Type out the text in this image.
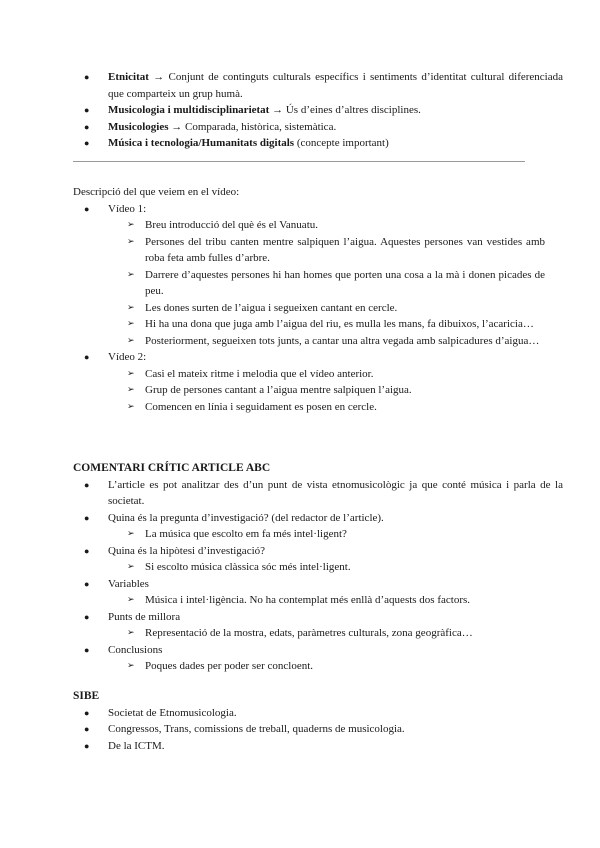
● Etnicitat → Conjunt de continguts culturals específics i sentiments d’identitat cultural diferenciada que comparteix un grup humà.
● Musicologia i multidisciplinarietat → Ús d’eines d’altres disciplines.
● Musicologies → Comparada, històrica, sistemàtica.
● Música i tecnologia/Humanitats digitals (concepte important)
Descripció del que veiem en el vídeo:
● Vídeo 1:
➢ Breu introducció del què és el Vanuatu.
➢ Persones del tribu canten mentre salpiquen l’aigua. Aquestes persones van vestides amb roba feta amb fulles d’arbre.
➢ Darrere d’aquestes persones hi han homes que porten una cosa a la mà i donen picades de peu.
➢ Les dones surten de l’aigua i segueixen cantant en cercle.
➢ Hi ha una dona que juga amb l’aigua del riu, es mulla les mans, fa dibuixos, l’acaricia…
➢ Posteriorment, segueixen tots junts, a cantar una altra vegada amb salpicadures d’aigua…
● Vídeo 2:
➢ Casi el mateix ritme i melodia que el vídeo anterior.
➢ Grup de persones cantant a l’aigua mentre salpiquen l’aigua.
➢ Comencen en línia i seguidament es posen en cercle.
COMENTARI CRÍTIC ARTICLE ABC
● L’article es pot analitzar des d’un punt de vista etnomusicològic ja que conté música i parla de la societat.
● Quina és la pregunta d’investigació? (del redactor de l’article).
➢ La música que escolto em fa més intel·ligent?
● Quina és la hipòtesi d’investigació?
➢ Si escolto música clàssica sóc més intel·ligent.
● Variables
➢ Música i intel·ligència. No ha contemplat més enllà d’aquests dos factors.
● Punts de millora
➢ Representació de la mostra, edats, paràmetres culturals, zona geogràfica…
● Conclusions
➢ Poques dades per poder ser concloent.
SIBE
● Societat de Etnomusicologia.
● Congressos, Trans, comissions de treball, quaderns de musicologia.
● De la ICTM.
